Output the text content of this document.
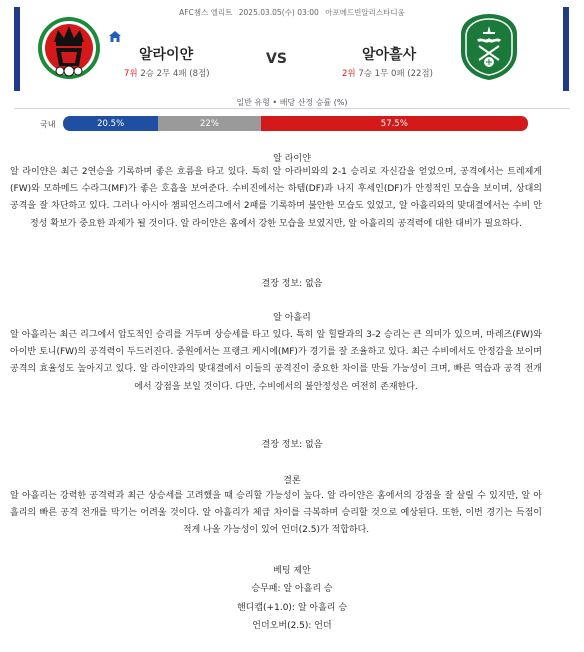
AFC챔스 엘리트 2025.03.05(수) 03:00 아포메드빈알리스타디움
알라이얀	VS	알아흘사
7위 2승 2무 4패 (8점)	2위 7승 1무 0패 (22점)
일반 유형 • 배당 산정 승률 (%)
국내	20.5%	22%	57.5%
알 라이얀
알 라이얀은 최근 2연승을 기록하며 좋은 흐름을 타고 있다. 특히 알 아라비와의 2-1 승리로 자신감을 얻었으며, 공격에서는 트레제게(FW)와 모하메드 수라그(MF)가 좋은 호흡을 보여준다. 수비진에서는 하템(DF)과 나지 후세인(DF)가 안정적인 모습을 보이며, 상대의 공격을 잘 차단하고 있다. 그러나 아시아 챔피언스리그에서 2패를 기록하며 불안한 모습도 있었고, 알 아흘리와의 맞대결에서는 수비 안정성 확보가 중요한 과제가 될 것이다. 알 라이얀은 홈에서 강한 모습을 보였지만, 알 아흘리의 공격력에 대한 대비가 필요하다.
결장 정보: 없음
알 아흘리
알 아흘리는 최근 리그에서 압도적인 승리를 거두며 상승세를 타고 있다. 특히 알 힐랄과의 3-2 승리는 큰 의미가 있으며, 마레즈(FW)와 아이반 토니(FW)의 공격력이 두드러진다. 중원에서는 프랭크 케시에(MF)가 경기를 잘 조율하고 있다. 최근 수비에서도 안정감을 보이며 공격의 효율성도 높아지고 있다. 알 라이얀과의 맞대결에서 이들의 공격진이 중요한 차이를 만들 가능성이 크며, 빠른 역습과 공격 전개에서 강점을 보일 것이다. 다만, 수비에서의 불안정성은 여전히 존재한다.
결장 정보: 없음
결론
알 아흘리는 강력한 공격력과 최근 상승세를 고려했을 때 승리할 가능성이 높다. 알 라이얀은 홈에서의 강점을 잘 살릴 수 있지만, 알 아흘리의 빠른 공격 전개를 막기는 어려울 것이다. 알 아흘리가 체급 차이를 극복하며 승리할 것으로 예상된다. 또한, 이번 경기는 득점이 적게 나올 가능성이 있어 언더(2.5)가 적합하다.
베팅 제안
승무패: 알 아흘리 승
핸디캡(+1.0): 알 아흘리 승
언더오버(2.5): 언더
